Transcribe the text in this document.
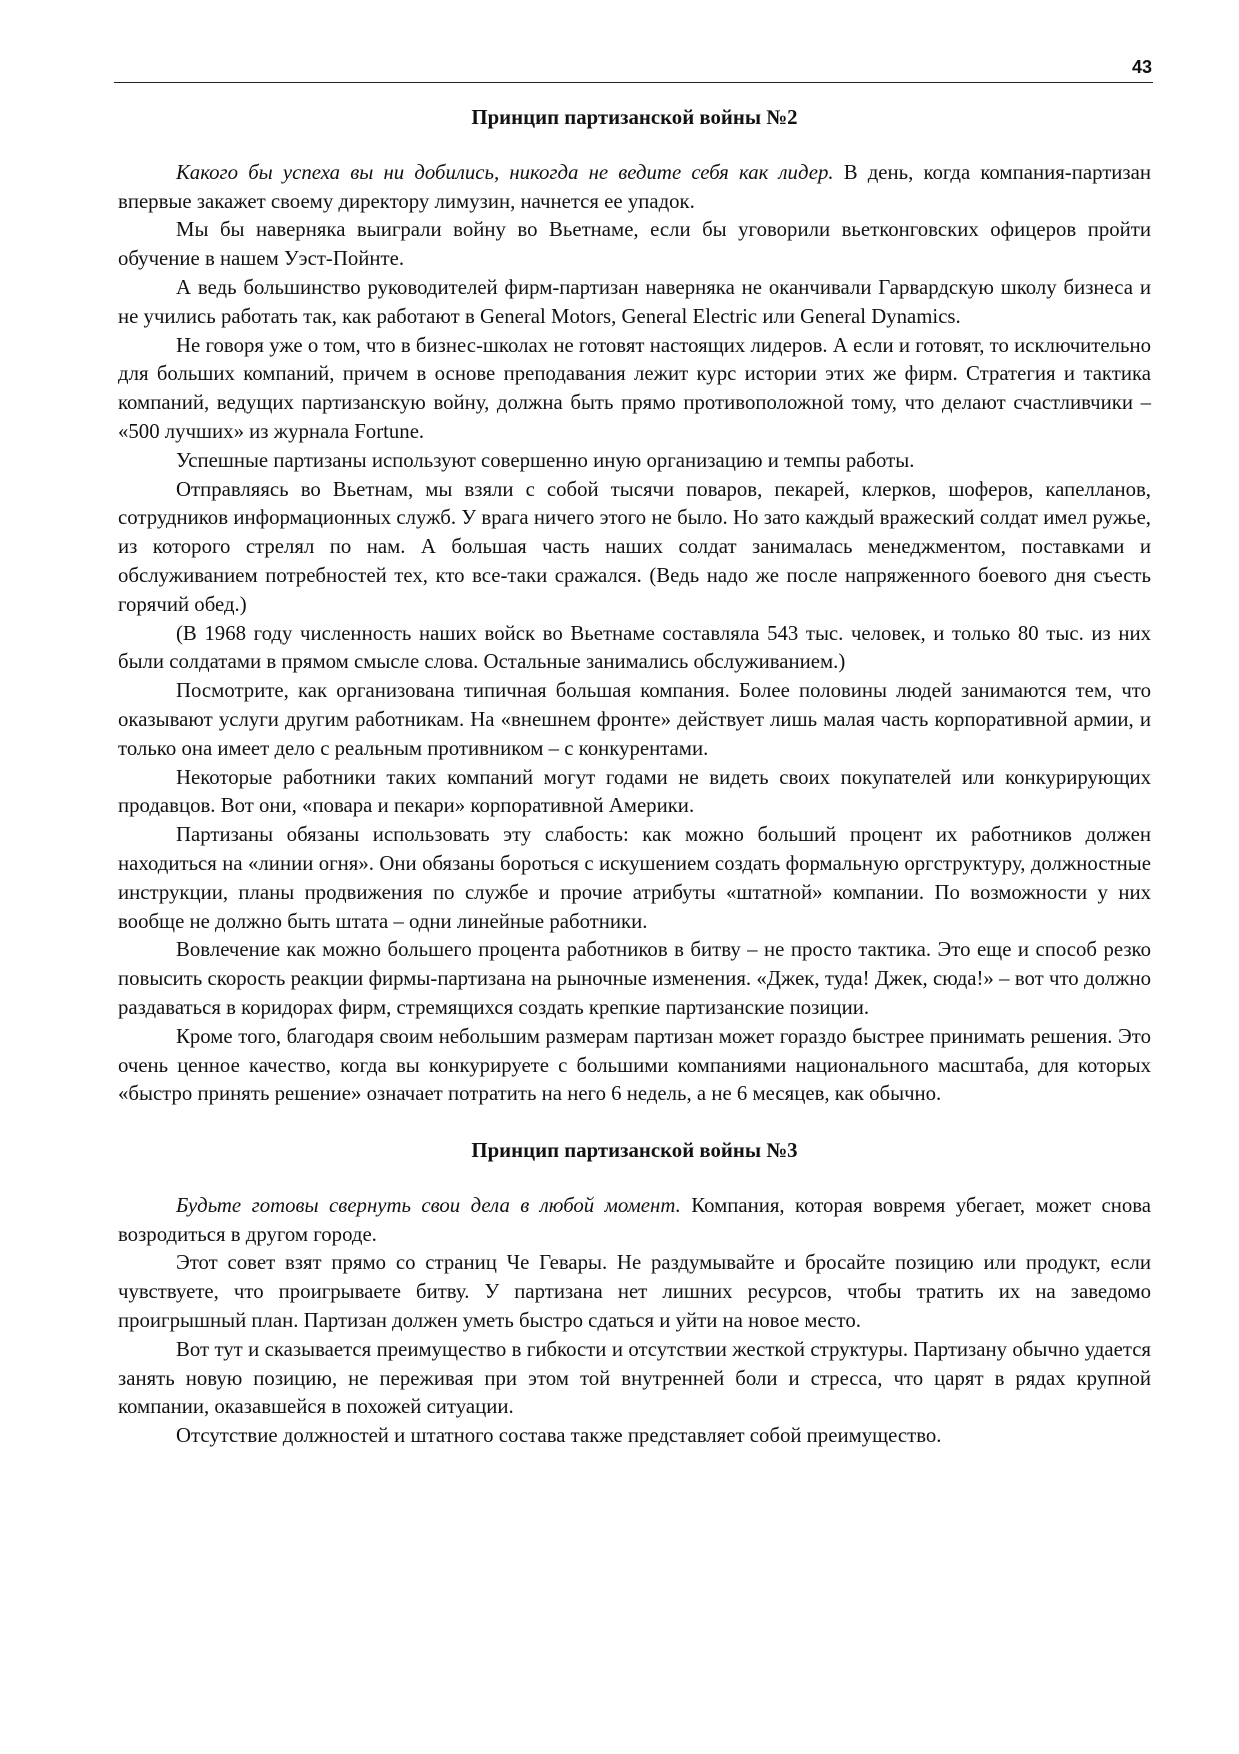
43
Принцип партизанской войны №2

Какого бы успеха вы ни добились, никогда не ведите себя как лидер. В день, когда компания-партизан впервые закажет своему директору лимузин, начнется ее упадок.

Мы бы наверняка выиграли войну во Вьетнаме, если бы уговорили вьетконговских офицеров пройти обучение в нашем Уэст-Пойнте.

А ведь большинство руководителей фирм-партизан наверняка не оканчивали Гарвардскую школу бизнеса и не учились работать так, как работают в General Motors, General Electric или General Dynamics.

Не говоря уже о том, что в бизнес-школах не готовят настоящих лидеров. А если и готовят, то исключительно для больших компаний, причем в основе преподавания лежит курс истории этих же фирм. Стратегия и тактика компаний, ведущих партизанскую войну, должна быть прямо противоположной тому, что делают счастливчики – «500 лучших» из журнала Fortune.

Успешные партизаны используют совершенно иную организацию и темпы работы.

Отправляясь во Вьетнам, мы взяли с собой тысячи поваров, пекарей, клерков, шоферов, капелланов, сотрудников информационных служб. У врага ничего этого не было. Но зато каждый вражеский солдат имел ружье, из которого стрелял по нам. А большая часть наших солдат занималась менеджментом, поставками и обслуживанием потребностей тех, кто все-таки сражался. (Ведь надо же после напряженного боевого дня съесть горячий обед.)

(В 1968 году численность наших войск во Вьетнаме составляла 543 тыс. человек, и только 80 тыс. из них были солдатами в прямом смысле слова. Остальные занимались обслуживанием.)

Посмотрите, как организована типичная большая компания. Более половины людей занимаются тем, что оказывают услуги другим работникам. На «внешнем фронте» действует лишь малая часть корпоративной армии, и только она имеет дело с реальным противником – с конкурентами.

Некоторые работники таких компаний могут годами не видеть своих покупателей или конкурирующих продавцов. Вот они, «повара и пекари» корпоративной Америки.

Партизаны обязаны использовать эту слабость: как можно больший процент их работников должен находиться на «линии огня». Они обязаны бороться с искушением создать формальную оргструктуру, должностные инструкции, планы продвижения по службе и прочие атрибуты «штатной» компании. По возможности у них вообще не должно быть штата – одни линейные работники.

Вовлечение как можно большего процента работников в битву – не просто тактика. Это еще и способ резко повысить скорость реакции фирмы-партизана на рыночные изменения. «Джек, туда! Джек, сюда!» – вот что должно раздаваться в коридорах фирм, стремящихся создать крепкие партизанские позиции.

Кроме того, благодаря своим небольшим размерам партизан может гораздо быстрее принимать решения. Это очень ценное качество, когда вы конкурируете с большими компаниями национального масштаба, для которых «быстро принять решение» означает потратить на него 6 недель, а не 6 месяцев, как обычно.

Принцип партизанской войны №3

Будьте готовы свернуть свои дела в любой момент. Компания, которая вовремя убегает, может снова возродиться в другом городе.

Этот совет взят прямо со страниц Че Гевары. Не раздумывайте и бросайте позицию или продукт, если чувствуете, что проигрываете битву. У партизана нет лишних ресурсов, чтобы тратить их на заведомо проигрышный план. Партизан должен уметь быстро сдаться и уйти на новое место.

Вот тут и сказывается преимущество в гибкости и отсутствии жесткой структуры. Партизану обычно удается занять новую позицию, не переживая при этом той внутренней боли и стресса, что царят в рядах крупной компании, оказавшейся в похожей ситуации.

Отсутствие должностей и штатного состава также представляет собой преимущество.
